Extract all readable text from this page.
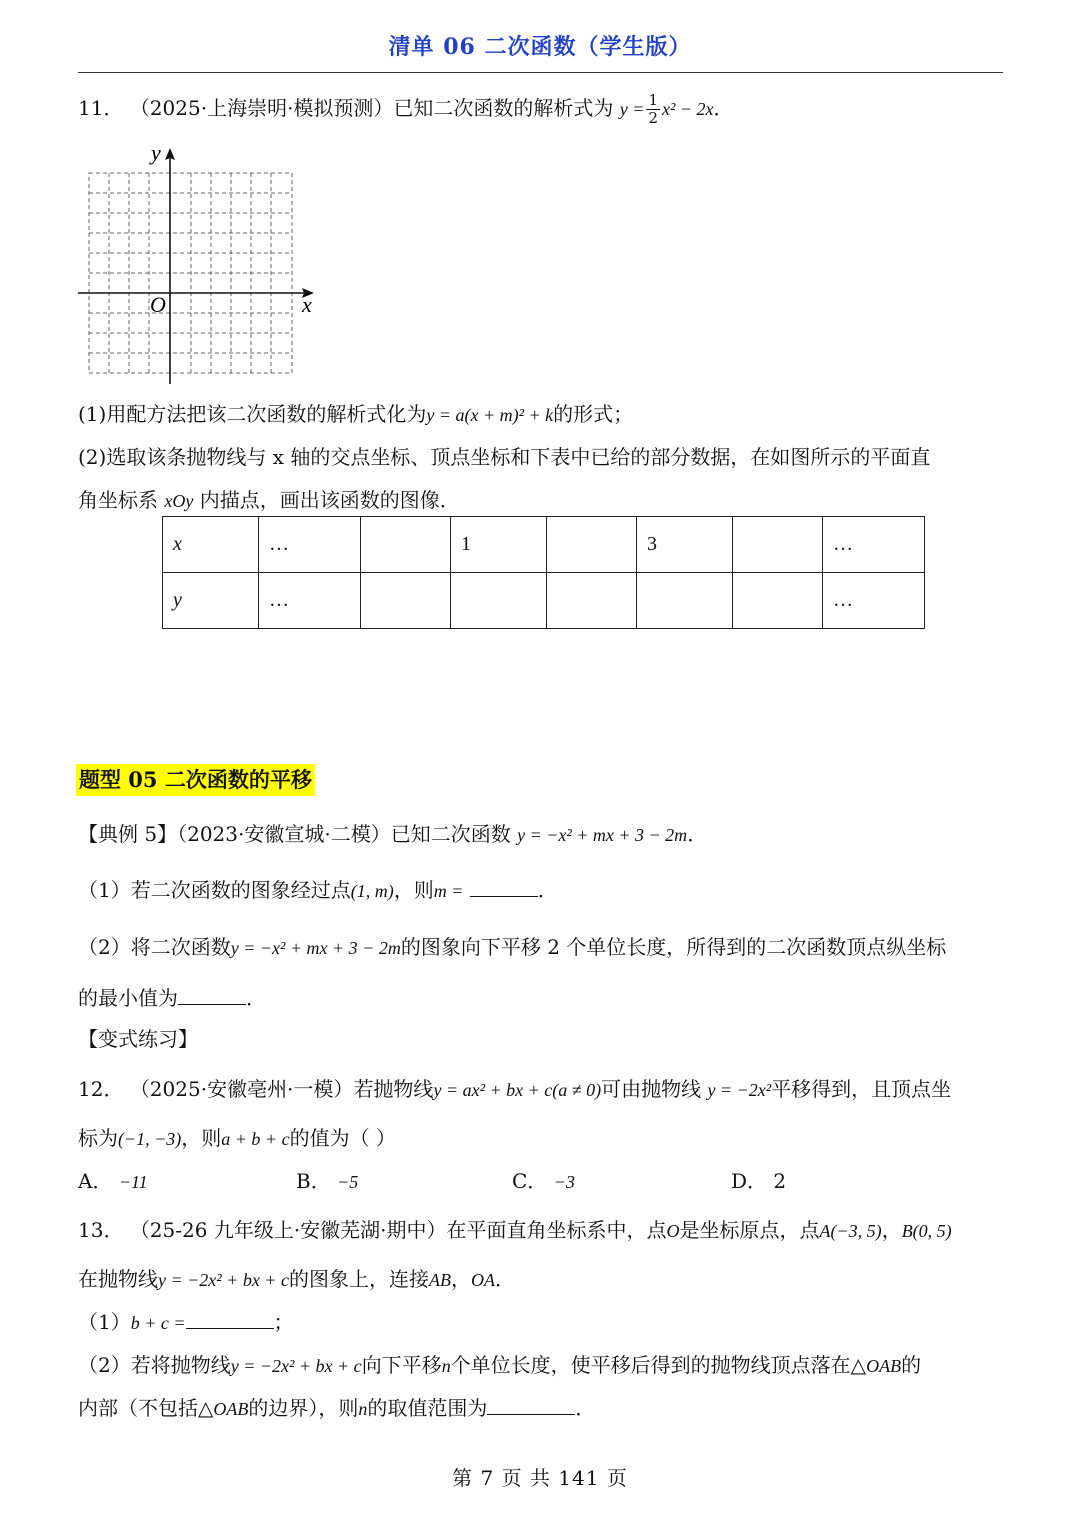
清单 06 二次函数（学生版）
11． （2025·上海崇明·模拟预测）已知二次函数的解析式为 $y = \frac{1}{2} x^2 - 2x$．
x
y
O
(1)用配方法把该二次函数的解析式化为y = a(x + m)² + k的形式；
(2)选取该条抛物线与 x 轴的交点坐标、顶点坐标和下表中已给的部分数据，在如图所示的平面直
角坐标系 xOy 内描点，画出该函数的图像．
x	…		1		3		…
y	…						…
题型 05 二次函数的平移
【典例 5】（2023·安徽宣城·二模）已知二次函数 y = −x² + mx + 3 − 2m．
（1）若二次函数的图象经过点(1, m)，则m =	．
（2）将二次函数y = −x² + mx + 3 − 2m的图象向下平移 2 个单位长度，所得到的二次函数顶点纵坐标
的最小值为	．
【变式练习】
12． （2025·安徽亳州·一模）若抛物线y = ax² + bx + c(a ≠ 0)可由抛物线 y = −2x²平移得到，且顶点坐
标为(−1, −3)，则a + b + c的值为（ ）
A． −11	B． −5	C． −3	D． 2
13． （25-26 九年级上·安徽芜湖·期中）在平面直角坐标系中，点O是坐标原点，点A(−3, 5)，B(0, 5)
在抛物线y = −2x² + bx + c的图象上，连接AB，OA．
（1）b + c =	；
（2）若将抛物线y = −2x² + bx + c向下平移n个单位长度，使平移后得到的抛物线顶点落在△OAB的
内部（不包括△OAB的边界），则n的取值范围为	．
第 7 页 共 141 页
